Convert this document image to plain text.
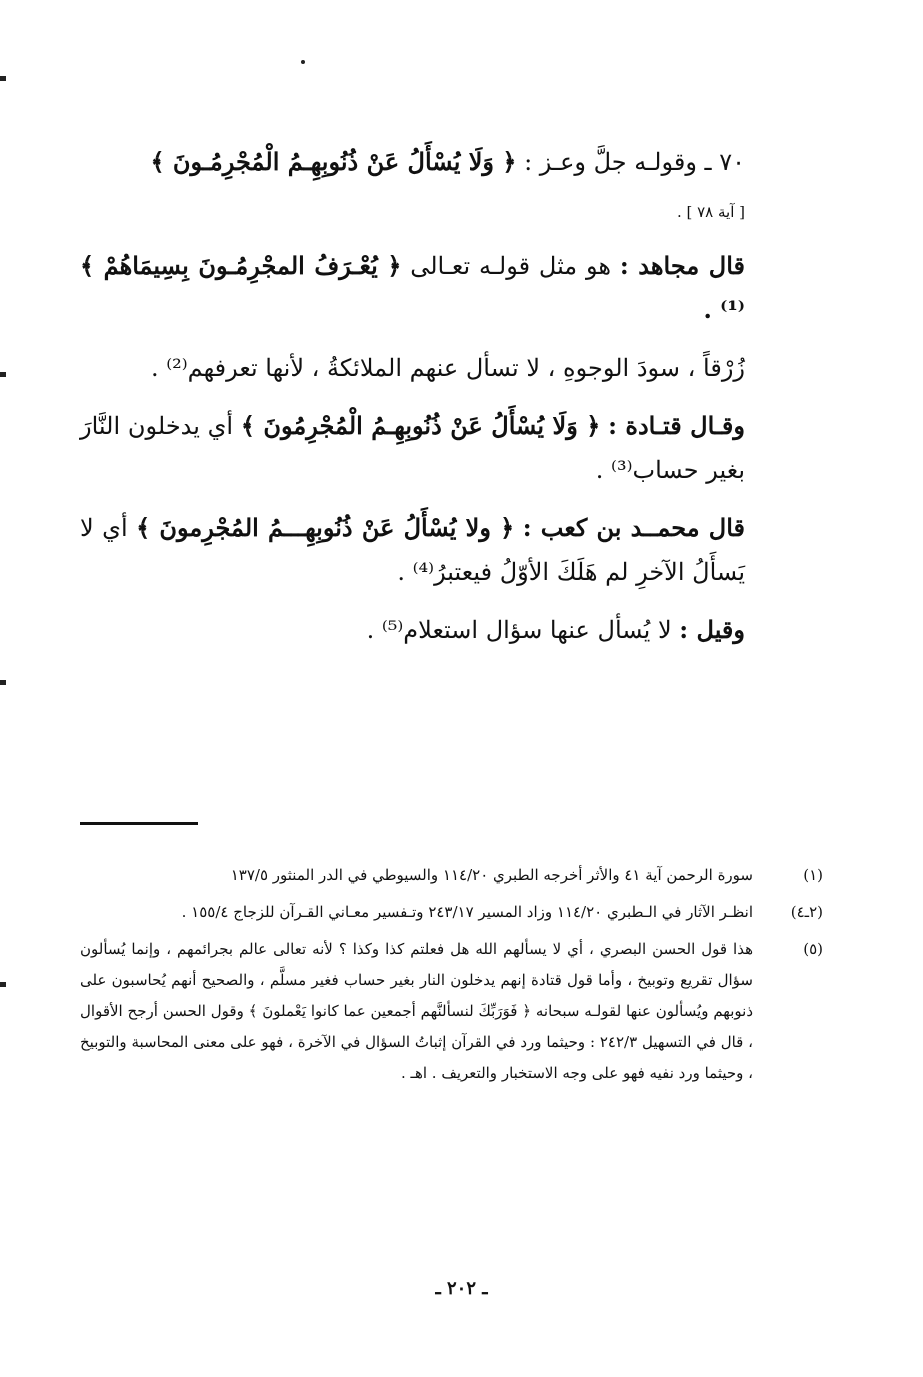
٧٠ ـ وقولـه جلَّ وعـز : ﴿ وَلَا يُسْأَلُ عَنْ ذُنُوبِهِـمُ الْمُجْرِمُـونَ ﴾

[ آية ٧٨ ] .

قال مجاهد : هو مثل قولـه تعـالى ﴿ يُعْـرَفُ المجْرِمُـونَ بِسِيمَاهُمْ ﴾⁽¹⁾ .

زُرْقاً ، سودَ الوجوهِ ، لا تسأل عنهم الملائكةُ ، لأنها تعرفهم⁽²⁾ .

وقـال قتـادة : ﴿ وَلَا يُسْأَلُ عَنْ ذُنُوبِهِـمُ الْمُجْرِمُونَ ﴾ أي يدخلون النَّارَ بغير حساب⁽³⁾ .

قال محمــد بن كعب : ﴿ ولا يُسْأَلُ عَنْ ذُنُوبِهِـــمُ المُجْرِمونَ ﴾ أي لا يَسأَلُ الآخرِ لم هَلَكَ الأوّلُ فيعتبرُ⁽⁴⁾ .

وقيل : لا يُسأل عنها سؤال استعلام⁽⁵⁾ .

(١)
سورة الرحمن آية ٤١ والأثر أخرجه الطبري ١١٤/٢٠ والسيوطي في الدر المنثور ١٣٧/٥
(٢ـ٤)
انظـر الآثار في الـطبري ١١٤/٢٠ وزاد المسير ٢٤٣/١٧ وتـفسير معـاني القـرآن للزجاج ١٥٥/٤ .
(٥)
هذا قول الحسن البصري ، أي لا يسألهم الله هل فعلتم كذا وكذا ؟ لأنه تعالى عالم بجرائمهم ، وإنما يُسألون سؤال تقريع وتوبيخ ، وأما قول قتادة إنهم يدخلون النار بغير حساب فغير مسلَّم ، والصحيح أنهم يُحاسبون على ذنوبهم ويُسألون عنها لقولـه سبحانه ﴿ فَوَرَبِّكَ لنسألنَّهم أجمعين عما كانوا يَعْملونَ ﴾ وقول الحسن أرجح الأقوال ، قال في التسهيل ٢٤٢/٣ : وحيثما ورد في القرآن إثباتُ السؤال في الآخرة ، فهو على معنى المحاسبة والتوبيخ ، وحيثما ورد نفيه فهو على وجه الاستخبار والتعريف . اهـ .
ـ ٢٠٢ ـ
